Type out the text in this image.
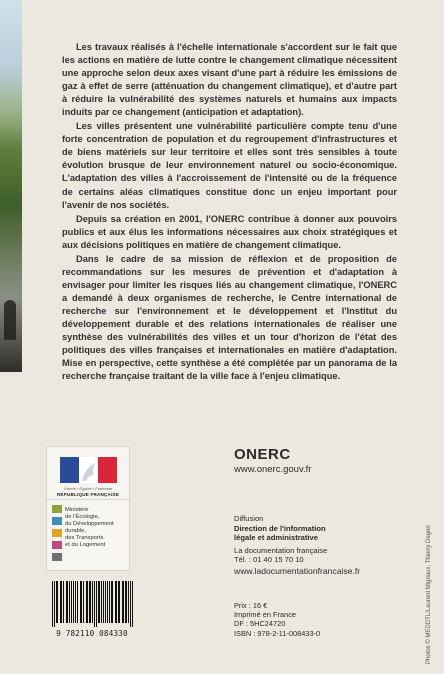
Les travaux réalisés à l'échelle internationale s'accordent sur le fait que les actions en matière de lutte contre le changement climatique nécessitent une approche selon deux axes visant d'une part à réduire les émissions de gaz à effet de serre (atténuation du changement climatique), et d'autre part à réduire la vulnérabilité des systèmes naturels et humains aux impacts induits par ce changement (anticipation et adaptation).

Les villes présentent une vulnérabilité particulière compte tenu d'une forte concentration de population et du regroupement d'infrastructures et de biens matériels sur leur territoire et elles sont très sensibles à toute évolution brusque de leur environnement naturel ou socio-économique. L'adaptation des villes à l'accroissement de l'intensité ou de la fréquence de certains aléas climatiques constitue donc un enjeu important pour l'avenir de nos sociétés.

Depuis sa création en 2001, l'ONERC contribue à donner aux pouvoirs publics et aux élus les informations nécessaires aux choix stratégiques et aux décisions politiques en matière de changement climatique.

Dans le cadre de sa mission de réflexion et de proposition de recommandations sur les mesures de prévention et d'adaptation à envisager pour limiter les risques liés au changement climatique, l'ONERC a demandé à deux organismes de recherche, le Centre international de recherche sur l'environnement et le développement et l'Institut du développement durable et des relations internationales de réaliser une synthèse des vulnérabilités des villes et un tour d'horizon de l'état des politiques des villes françaises et internationales en matière d'adaptation. Mise en perspective, cette synthèse a été complétée par un panorama de la recherche française traitant de la ville face à l'enjeu climatique.

Liberté • Égalité • Fraternité
RÉPUBLIQUE FRANÇAISE
Ministère
de l'Écologie,
du Développement
durable,
des Transports
et du Logement
ONERC
www.onerc.gouv.fr
Diffusion
Direction de l'information
légale et administrative
La documentation française
Tél. : 01 40 15 70 10
www.ladocumentationfrancaise.fr
Prix : 16 €
Imprimé en France
DF : 5HC24720
ISBN : 978-2-11-008433-0
9 782110 084330	Photos © MEDDTL/Laurent Mignaux, Thierry Degen
